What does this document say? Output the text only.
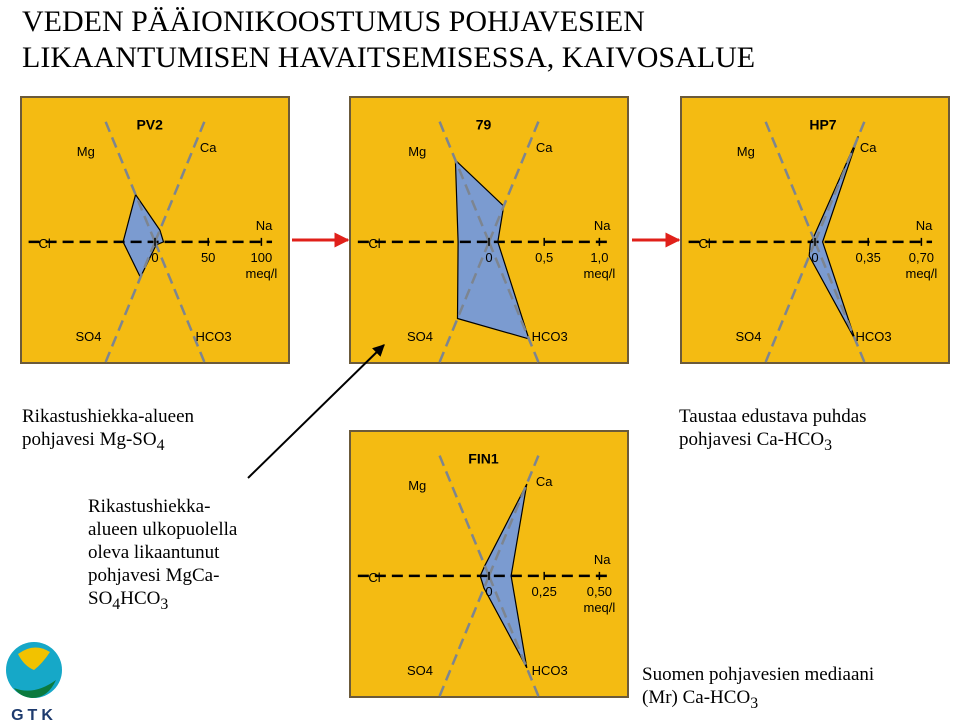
VEDEN PÄÄIONIKOOSTUMUS POHJAVESIEN
LIKAANTUMISEN HAVAITSEMISESSA, KAIVOSALUE
0	50	100
meq/l
Mg	Ca
Na
HCO3
SO4
Cl
PV2
0	0,5	1,0
meq/l
Mg	Ca
Na
HCO3
SO4
Cl
79
0	0,35 0,70
meq/l
Mg	Ca
Na
HCO3
SO4
Cl
HP7
0	0,25 0,50
meq/l
Mg	Ca
Na
HCO3
SO4
Cl
FIN1

Rikastushiekka-alueen
pohjavesi $Mg-SO_4$

Taustaa edustava puhdas
pohjavesi $Ca-HCO_3$

Rikastushiekka-
alueen ulkopuolella
oleva likaantunut
pohjavesi MgCa-
$SO_4HCO_3$

Suomen pohjavesien mediaani
(Mr) $Ca-HCO_3$

GTK
